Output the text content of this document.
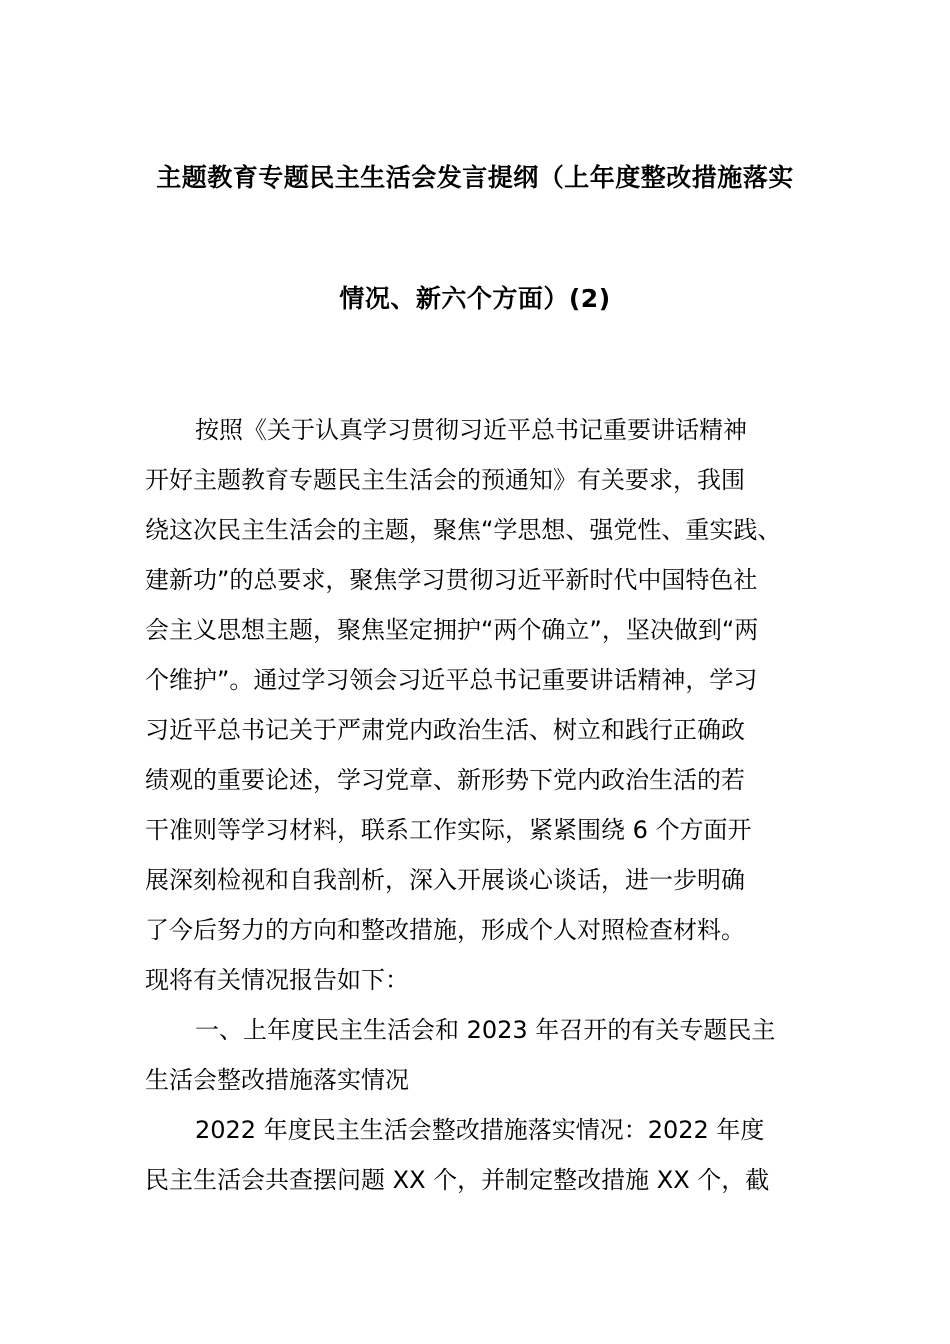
主题教育专题民主生活会发言提纲（上年度整改措施落实
情况、新六个方面）(2)
按照《关于认真学习贯彻习近平总书记重要讲话精神
开好主题教育专题民主生活会的预通知》有关要求，我围
绕这次民主生活会的主题，聚焦“学思想、强党性、重实践、
建新功”的总要求，聚焦学习贯彻习近平新时代中国特色社
会主义思想主题，聚焦坚定拥护“两个确立”，坚决做到“两
个维护”。通过学习领会习近平总书记重要讲话精神，学习
习近平总书记关于严肃党内政治生活、树立和践行正确政
绩观的重要论述，学习党章、新形势下党内政治生活的若
干准则等学习材料，联系工作实际，紧紧围绕 6 个方面开
展深刻检视和自我剖析，深入开展谈心谈话，进一步明确
了今后努力的方向和整改措施，形成个人对照检查材料。
现将有关情况报告如下：
一、上年度民主生活会和 2023 年召开的有关专题民主
生活会整改措施落实情况
2022 年度民主生活会整改措施落实情况：2022 年度
民主生活会共查摆问题 XX 个，并制定整改措施 XX 个，截
